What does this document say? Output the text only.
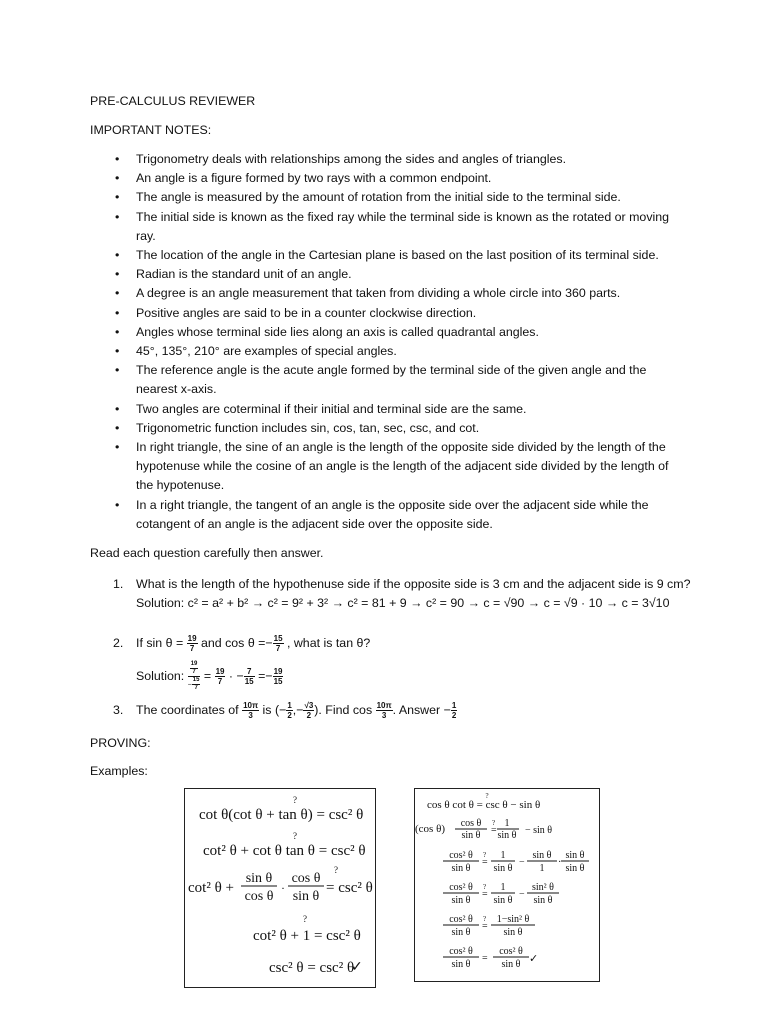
PRE-CALCULUS REVIEWER
IMPORTANT NOTES:
• Trigonometry deals with relationships among the sides and angles of triangles.
• An angle is a figure formed by two rays with a common endpoint.
• The angle is measured by the amount of rotation from the initial side to the terminal side.
• The initial side is known as the fixed ray while the terminal side is known as the rotated or moving ray.
• The location of the angle in the Cartesian plane is based on the last position of its terminal side.
• Radian is the standard unit of an angle.
• A degree is an angle measurement that taken from dividing a whole circle into 360 parts.
• Positive angles are said to be in a counter clockwise direction.
• Angles whose terminal side lies along an axis is called quadrantal angles.
• 45°, 135°, 210° are examples of special angles.
• The reference angle is the acute angle formed by the terminal side of the given angle and the nearest x-axis.
• Two angles are coterminal if their initial and terminal side are the same.
• Trigonometric function includes sin, cos, tan, sec, csc, and cot.
• In right triangle, the sine of an angle is the length of the opposite side divided by the length of the hypotenuse while the cosine of an angle is the length of the adjacent side divided by the length of the hypotenuse.
• In a right triangle, the tangent of an angle is the opposite side over the adjacent side while the cotangent of an angle is the adjacent side over the opposite side.
Read each question carefully then answer.
1. What is the length of the hypothenuse side if the opposite side is 3 cm and the adjacent side is 9 cm?
Solution: c² = a² + b² → c² = 9² + 3² → c² = 81 + 9 → c² = 90 → c = √90 → c = √9 · 10 → c = 3√10
2. If $\sin \theta = \frac{19}{7}$ and $\cos \theta =- \frac{15}{7}$ , what is tan θ?
Solution: $\frac{\frac{19}{7}}{- \frac{15}{7}} = \frac{19}{7}$ · − $\frac{7}{15} =- \frac{19}{15}$
3. The coordinates of $\frac{10\pi}{3}$ is (− $\frac{1}{2}$ ,− $\frac{√3}{2}$ ). Find $\cos \frac{10\pi}{3}$ . Answer − $\frac{1}{2}$
PROVING:
Examples:
?
cot θ(cot θ + tan θ) = csc² θ
?
cot² θ + cot θ tan θ = csc² θ
cot² θ +
sin θ
cos θ
·
cos θ
sin θ
?
= csc² θ
?
cot² θ + 1 = csc² θ
csc² θ = csc² θ
✓
?
cos θ cot θ = csc θ − sin θ
(cos θ) cos θ
sin θ
?
=
1
sin θ − sin θ
cos² θ
sin θ
?
=
1
sin θ
−
sin θ
1
·
sin θ
sin θ
cos² θ
sin θ
?
=
1
sin θ
−
sin² θ
sin θ
cos² θ
sin θ
?
=
1−sin² θ
sin θ
cos² θ
sin θ
=
cos² θ
sin θ ✓
